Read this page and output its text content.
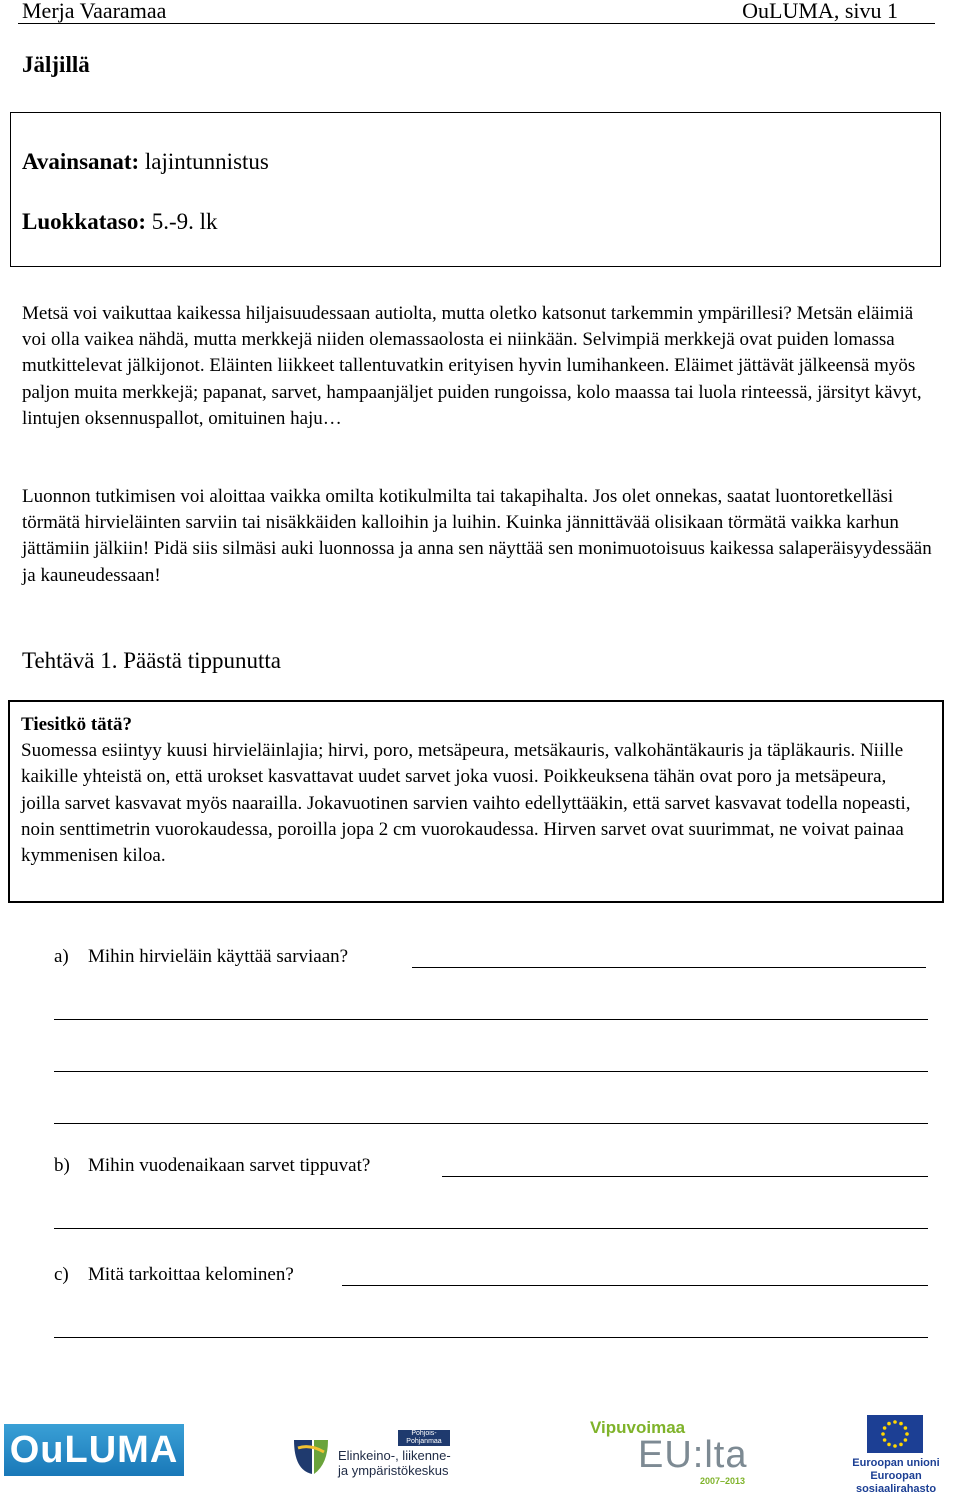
Merja Vaaramaa	OuLUMA, sivu 1
Jäljillä
Avainsanat: lajintunnistus
Luokkataso: 5.-9. lk

Metsä voi vaikuttaa kaikessa hiljaisuudessaan autiolta, mutta oletko katsonut tarkemmin ympärillesi? Metsän eläimiä voi olla vaikea nähdä, mutta merkkejä niiden olemassaolosta ei niinkään. Selvimpiä merkkejä ovat puiden lomassa mutkittelevat jälkijonot. Eläinten liikkeet tallentuvatkin erityisen hyvin lumihankeen. Eläimet jättävät jälkeensä myös paljon muita merkkejä; papanat, sarvet, hampaanjäljet puiden rungoissa, kolo maassa tai luola rinteessä, järsityt kävyt, lintujen oksennuspallot, omituinen haju…

Luonnon tutkimisen voi aloittaa vaikka omilta kotikulmilta tai takapihalta. Jos olet onnekas, saatat luontoretkelläsi törmätä hirvieläinten sarviin tai nisäkkäiden kalloihin ja luihin. Kuinka jännittävää olisikaan törmätä vaikka karhun jättämiin jälkiin! Pidä siis silmäsi auki luonnossa ja anna sen näyttää sen monimuotoisuus kaikessa salaperäisyydessään ja kauneudessaan!

Tehtävä 1. Päästä tippunutta
Tiesitkö tätä?
Suomessa esiintyy kuusi hirvieläinlajia; hirvi, poro, metsäpeura, metsäkauris, valkohäntäkauris ja täpläkauris. Niille kaikille yhteistä on, että urokset kasvattavat uudet sarvet joka vuosi. Poikkeuksena tähän ovat poro ja metsäpeura, joilla sarvet kasvavat myös naarailla. Jokavuotinen sarvien vaihto edellyttääkin, että sarvet kasvavat todella nopeasti, noin senttimetrin vuorokaudessa, poroilla jopa 2 cm vuorokaudessa. Hirven sarvet ovat suurimmat, ne voivat painaa kymmenisen kiloa.
a) Mihin hirvieläin käyttää sarviaan?
b) Mihin vuodenaikaan sarvet tippuvat?
c) Mitä tarkoittaa kelominen?
OuLUMA	Pohjois-Pohjanmaa
Elinkeino-, liikenne- ja ympäristökeskus
Vipuvoimaa
EU:lta
2007–2013
Euroopan unioni Euroopan sosiaalirahasto
